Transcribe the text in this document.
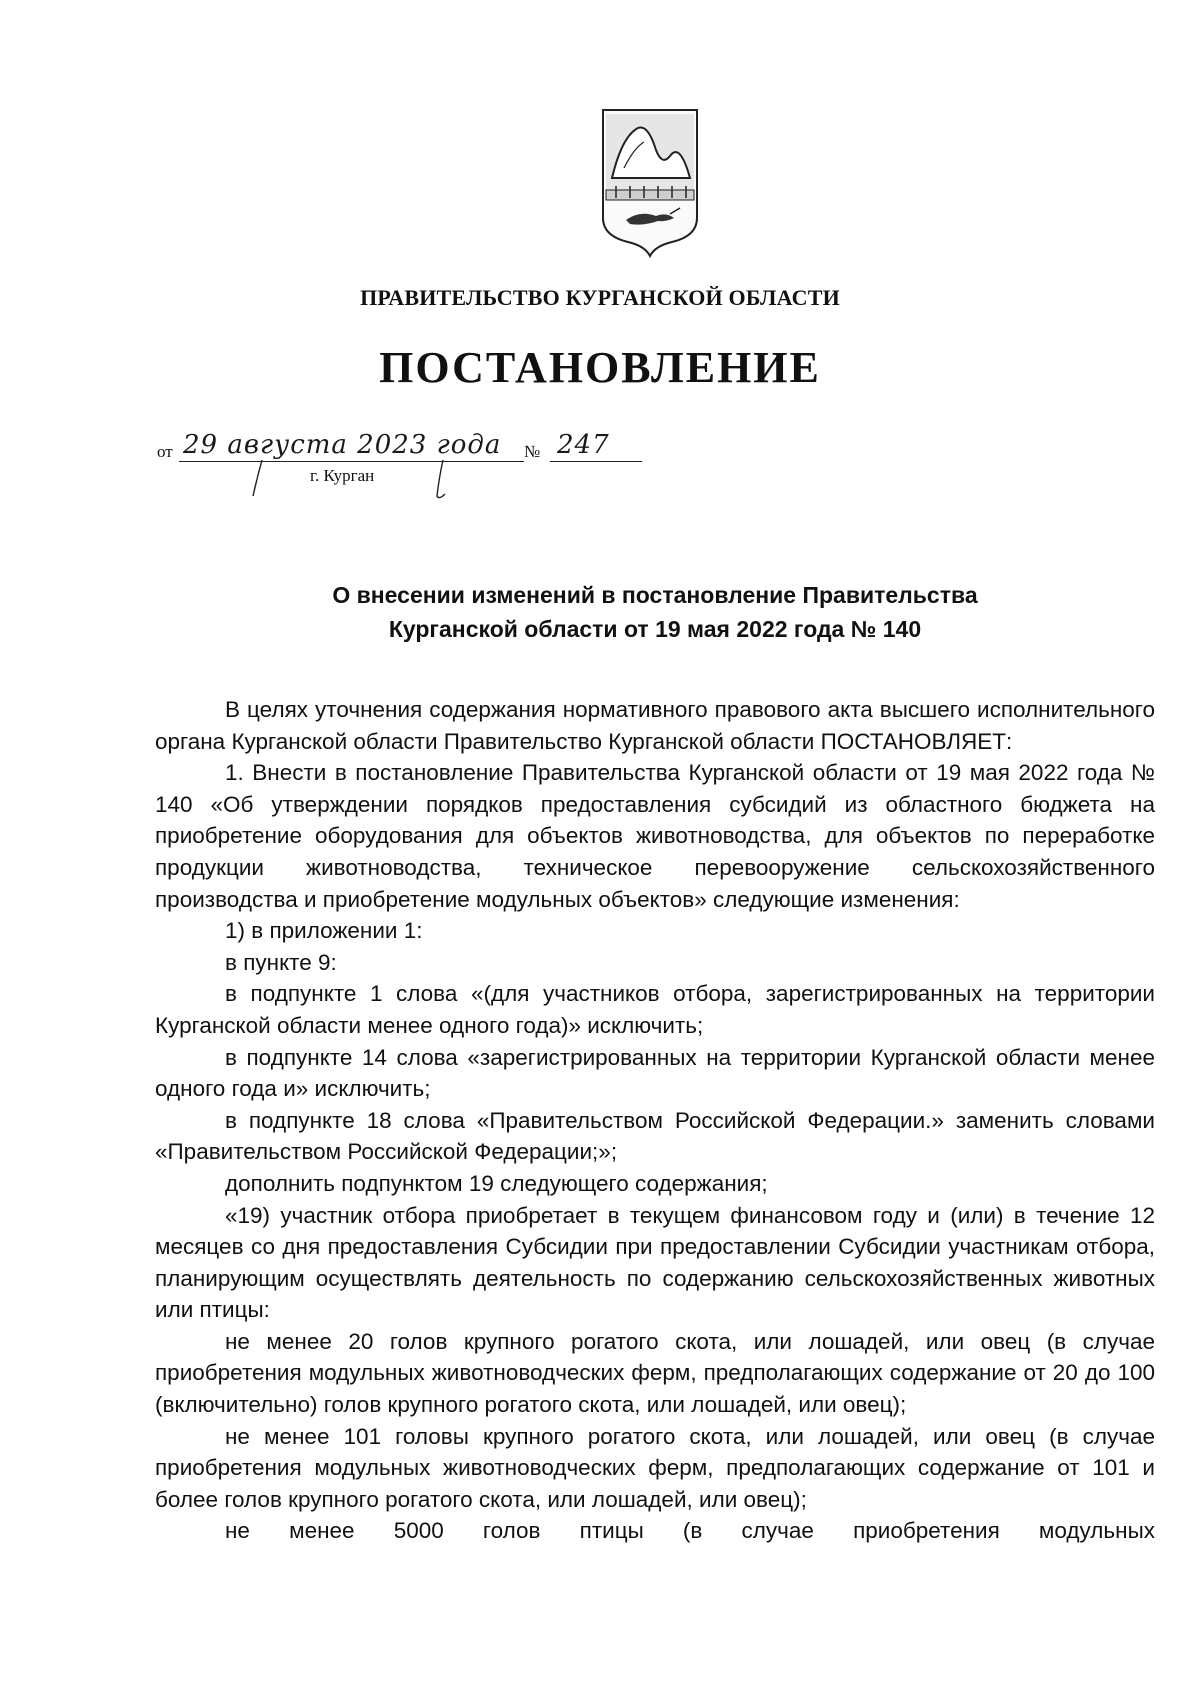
ПРАВИТЕЛЬСТВО КУРГАНСКОЙ ОБЛАСТИ
ПОСТАНОВЛЕНИЕ
от 29 августа 2023 года № 247
г. Курган
О внесении изменений в постановление Правительства
Курганской области от 19 мая 2022 года № 140

В целях уточнения содержания нормативного правового акта высшего исполнительного органа Курганской области Правительство Курганской области ПОСТАНОВЛЯЕТ:

1. Внести в постановление Правительства Курганской области от 19 мая 2022 года № 140 «Об утверждении порядков предоставления субсидий из областного бюджета на приобретение оборудования для объектов животноводства, для объектов по переработке продукции животноводства, техническое перевооружение сельскохозяйственного производства и приобретение модульных объектов» следующие изменения:

1) в приложении 1:

в пункте 9:

в подпункте 1 слова «(для участников отбора, зарегистрированных на территории Курганской области менее одного года)» исключить;

в подпункте 14 слова «зарегистрированных на территории Курганской области менее одного года и» исключить;

в подпункте 18 слова «Правительством Российской Федерации.» заменить словами «Правительством Российской Федерации;»;

дополнить подпунктом 19 следующего содержания;

«19) участник отбора приобретает в текущем финансовом году и (или) в течение 12 месяцев со дня предоставления Субсидии при предоставлении Субсидии участникам отбора, планирующим осуществлять деятельность по содержанию сельскохозяйственных животных или птицы:

не менее 20 голов крупного рогатого скота, или лошадей, или овец (в случае приобретения модульных животноводческих ферм, предполагающих содержание от 20 до 100 (включительно) голов крупного рогатого скота, или лошадей, или овец);

не менее 101 головы крупного рогатого скота, или лошадей, или овец (в случае приобретения модульных животноводческих ферм, предполагающих содержание от 101 и более голов крупного рогатого скота, или лошадей, или овец);

не менее 5000 голов птицы (в случае приобретения модульных
